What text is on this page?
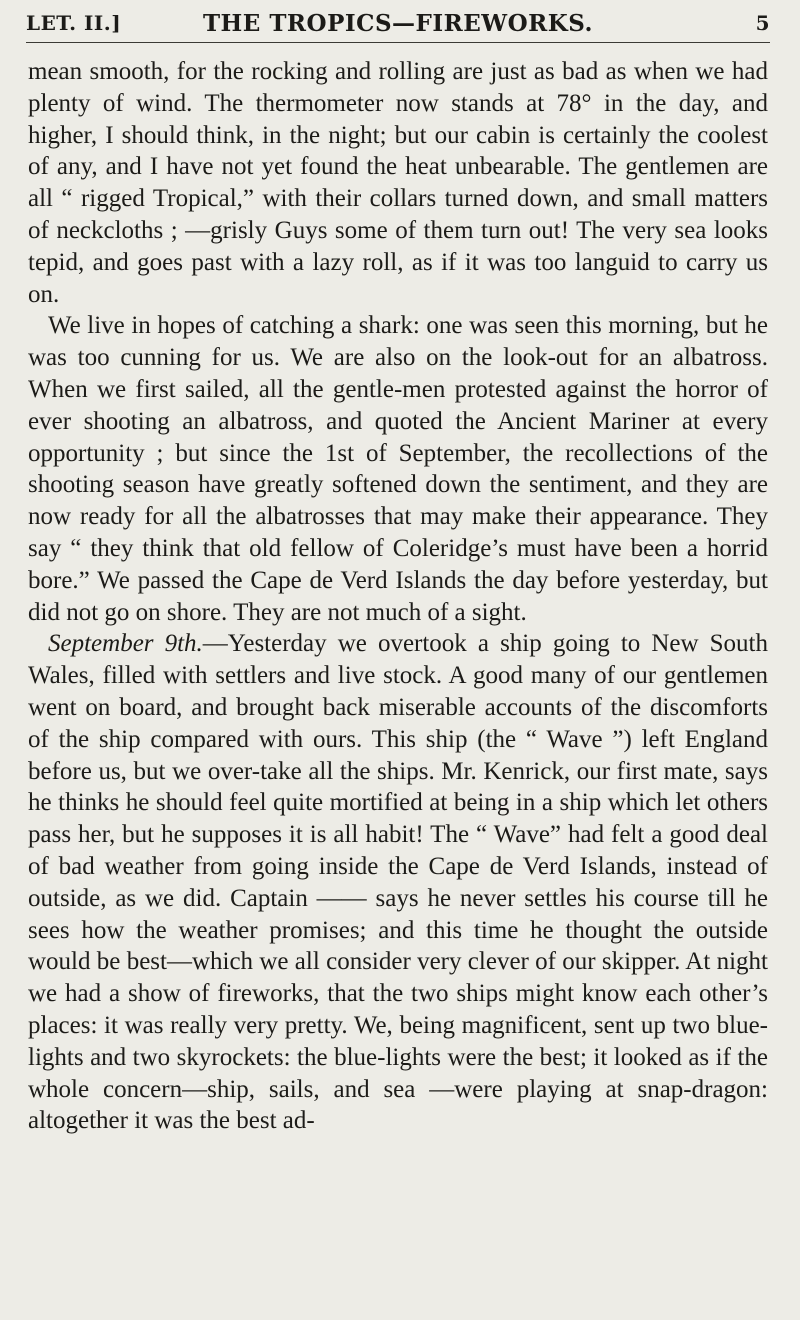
LET. II.]	THE TROPICS—FIREWORKS.	5

mean smooth, for the rocking and rolling are just as bad as when we had plenty of wind. The thermometer now stands at 78° in the day, and higher, I should think, in the night; but our cabin is certainly the coolest of any, and I have not yet found the heat unbearable. The gentlemen are all “ rigged Tropical,” with their collars turned down, and small matters of neckcloths ; —grisly Guys some of them turn out! The very sea looks tepid, and goes past with a lazy roll, as if it was too languid to carry us on.

We live in hopes of catching a shark: one was seen this morning, but he was too cunning for us. We are also on the look-out for an albatross. When we first sailed, all the gentle-men protested against the horror of ever shooting an albatross, and quoted the Ancient Mariner at every opportunity ; but since the 1st of September, the recollections of the shooting season have greatly softened down the sentiment, and they are now ready for all the albatrosses that may make their appearance. They say “ they think that old fellow of Coleridge’s must have been a horrid bore.” We passed the Cape de Verd Islands the day before yesterday, but did not go on shore. They are not much of a sight.

September 9th.—Yesterday we overtook a ship going to New South Wales, filled with settlers and live stock. A good many of our gentlemen went on board, and brought back miserable accounts of the discomforts of the ship compared with ours. This ship (the “ Wave ”) left England before us, but we over-take all the ships. Mr. Kenrick, our first mate, says he thinks he should feel quite mortified at being in a ship which let others pass her, but he supposes it is all habit! The “ Wave” had felt a good deal of bad weather from going inside the Cape de Verd Islands, instead of outside, as we did. Captain —— says he never settles his course till he sees how the weather promises; and this time he thought the outside would be best—which we all consider very clever of our skipper. At night we had a show of fireworks, that the two ships might know each other’s places: it was really very pretty. We, being magnificent, sent up two blue-lights and two skyrockets: the blue-lights were the best; it looked as if the whole concern—ship, sails, and sea —were playing at snap-dragon: altogether it was the best ad-
